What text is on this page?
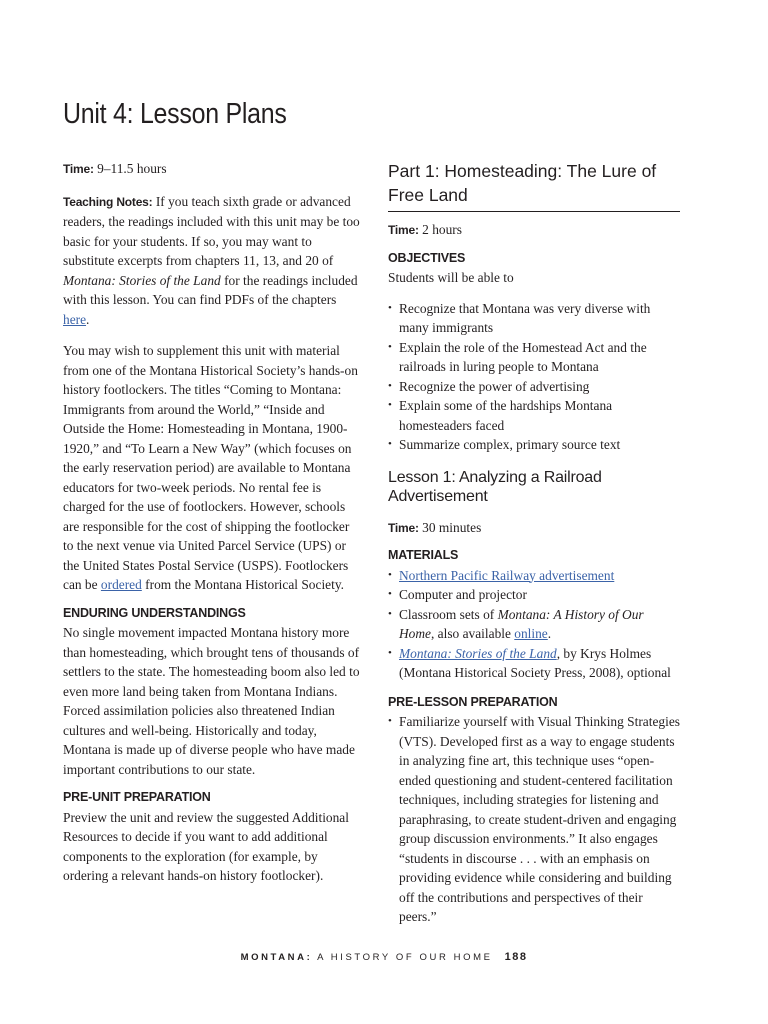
Unit 4: Lesson Plans

Time: 9–11.5 hours

Teaching Notes: If you teach sixth grade or advanced readers, the readings included with this unit may be too basic for your students. If so, you may want to substitute excerpts from chapters 11, 13, and 20 of Montana: Stories of the Land for the readings included with this lesson. You can find PDFs of the chapters here.

You may wish to supplement this unit with material from one of the Montana Historical Society’s hands-on history footlockers. The titles “Coming to Montana: Immigrants from around the World,” “Inside and Outside the Home: Homesteading in Montana, 1900-1920,” and “To Learn a New Way” (which focuses on the early reservation period) are available to Montana educators for two-week periods. No rental fee is charged for the use of footlockers. However, schools are responsible for the cost of shipping the footlocker to the next venue via United Parcel Service (UPS) or the United States Postal Service (USPS). Footlockers can be ordered from the Montana Historical Society.

ENDURING UNDERSTANDINGS

No single movement impacted Montana history more than homesteading, which brought tens of thousands of settlers to the state. The homesteading boom also led to even more land being taken from Montana Indians. Forced assimilation policies also threatened Indian cultures and well-being. Historically and today, Montana is made up of diverse people who have made important contributions to our state.

PRE-UNIT PREPARATION

Preview the unit and review the suggested Additional Resources to decide if you want to add additional components to the exploration (for example, by ordering a relevant hands-on history footlocker).

Part 1: Homesteading: The Lure of Free Land

Time: 2 hours

OBJECTIVES

Students will be able to

• Recognize that Montana was very diverse with many immigrants
• Explain the role of the Homestead Act and the railroads in luring people to Montana
• Recognize the power of advertising
• Explain some of the hardships Montana homesteaders faced
• Summarize complex, primary source text
Lesson 1: Analyzing a Railroad Advertisement

Time: 30 minutes

MATERIALS
• Northern Pacific Railway advertisement
• Computer and projector
• Classroom sets of Montana: A History of Our Home, also available online.
• Montana: Stories of the Land, by Krys Holmes (Montana Historical Society Press, 2008), optional
PRE-LESSON PREPARATION
• Familiarize yourself with Visual Thinking Strategies (VTS). Developed first as a way to engage students in analyzing fine art, this technique uses “open-ended questioning and student-centered facilitation techniques, including strategies for listening and paraphrasing, to create student-driven and engaging group discussion environments.” It also engages “students in discourse . . . with an emphasis on providing evidence while considering and building off the contributions and perspectives of their peers.”
MONTANA: A HISTORY OF OUR HOME 188
